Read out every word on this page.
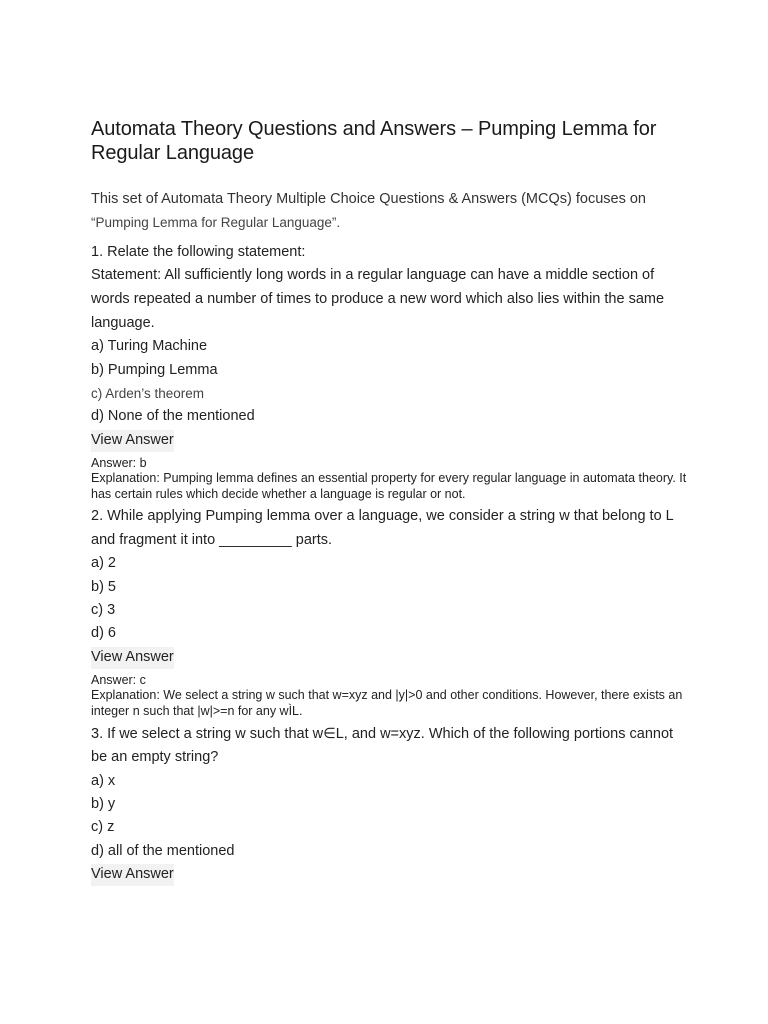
Automata Theory Questions and Answers – Pumping Lemma for Regular Language
This set of Automata Theory Multiple Choice Questions & Answers (MCQs) focuses on
“Pumping Lemma for Regular Language”.
1. Relate the following statement:
Statement: All sufficiently long words in a regular language can have a middle section of words repeated a number of times to produce a new word which also lies within the same language.
a) Turing Machine
b) Pumping Lemma
c) Arden’s theorem
d) None of the mentioned
View Answer
Answer: b
Explanation: Pumping lemma defines an essential property for every regular language in automata theory. It has certain rules which decide whether a language is regular or not.
2. While applying Pumping lemma over a language, we consider a string w that belong to L and fragment it into _________ parts.
a) 2
b) 5
c) 3
d) 6
View Answer
Answer: c
Explanation: We select a string w such that w=xyz and |y|>0 and other conditions. However, there exists an integer n such that |w|>=n for any wÌL.
3. If we select a string w such that w∈L, and w=xyz. Which of the following portions cannot be an empty string?
a) x
b) y
c) z
d) all of the mentioned
View Answer
